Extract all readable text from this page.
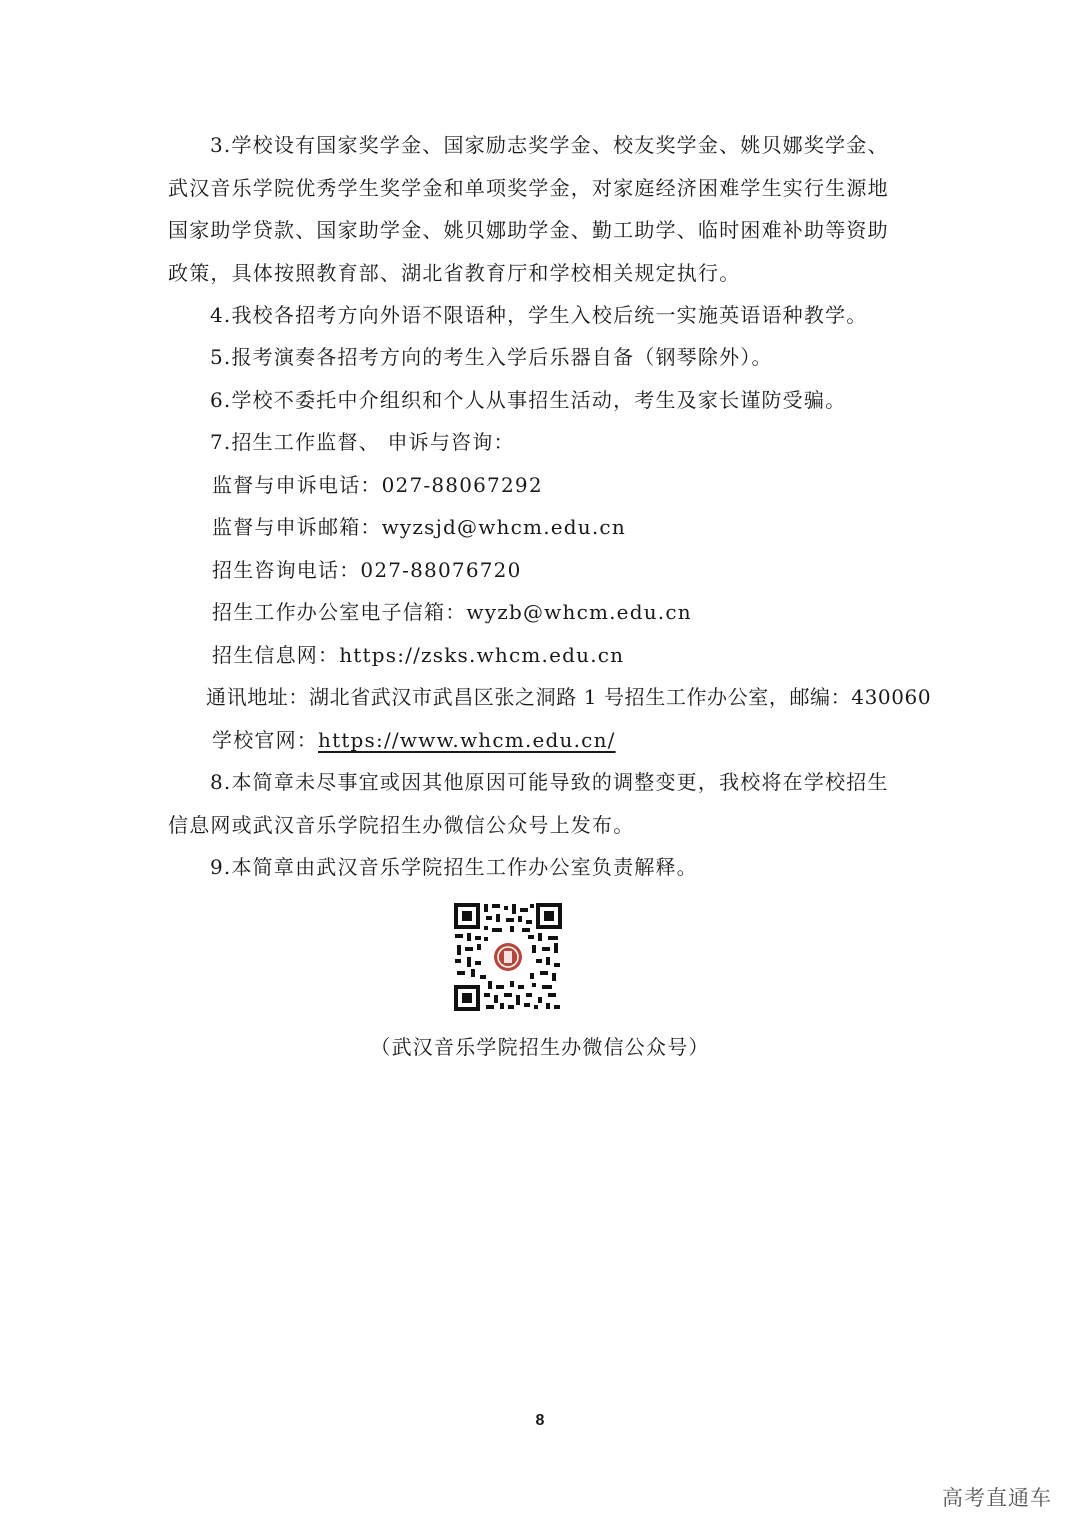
3.学校设有国家奖学金、国家励志奖学金、校友奖学金、姚贝娜奖学金、
武汉音乐学院优秀学生奖学金和单项奖学金，对家庭经济困难学生实行生源地
国家助学贷款、国家助学金、姚贝娜助学金、勤工助学、临时困难补助等资助
政策，具体按照教育部、湖北省教育厅和学校相关规定执行。
4.我校各招考方向外语不限语种，学生入校后统一实施英语语种教学。
5.报考演奏各招考方向的考生入学后乐器自备（钢琴除外）。
6.学校不委托中介组织和个人从事招生活动，考生及家长谨防受骗。
7.招生工作监督、 申诉与咨询：
监督与申诉电话：027-88067292
监督与申诉邮箱：wyzsjd@whcm.edu.cn
招生咨询电话：027-88076720
招生工作办公室电子信箱：wyzb@whcm.edu.cn
招生信息网：https://zsks.whcm.edu.cn
通讯地址：湖北省武汉市武昌区张之洞路 1 号招生工作办公室，邮编：430060
学校官网：https://www.whcm.edu.cn/
8.本简章未尽事宜或因其他原因可能导致的调整变更，我校将在学校招生
信息网或武汉音乐学院招生办微信公众号上发布。
9.本简章由武汉音乐学院招生工作办公室负责解释。
（武汉音乐学院招生办微信公众号）
8
高考直通车
